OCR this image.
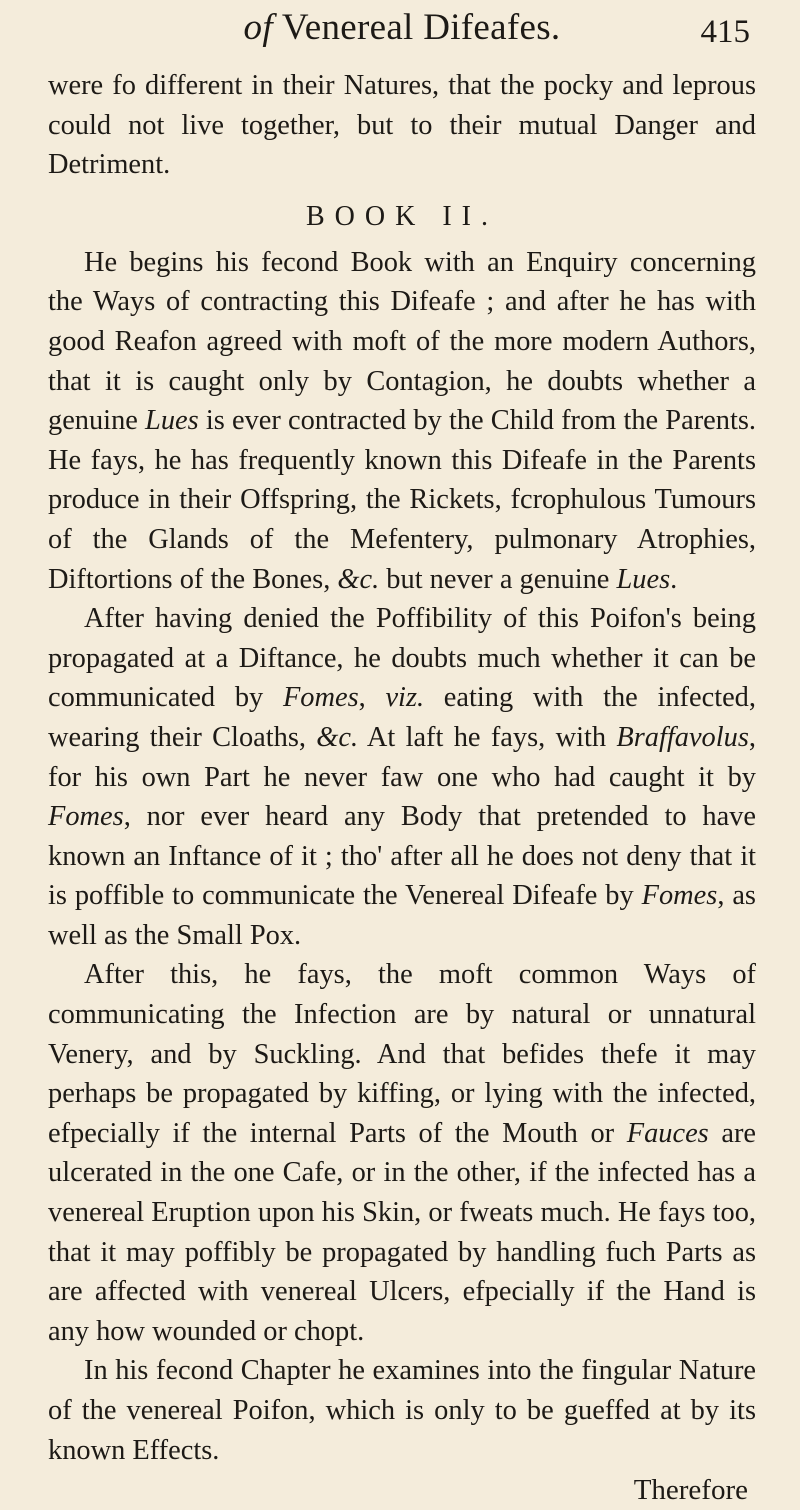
of Venereal Difeafes.	415

were fo different in their Natures, that the pocky and leprous could not live together, but to their mutual Danger and Detriment.

BOOK II.

He begins his fecond Book with an Enquiry concerning the Ways of contracting this Difeafe ; and after he has with good Reafon agreed with moft of the more modern Authors, that it is caught only by Contagion, he doubts whether a genuine Lues is ever contracted by the Child from the Parents. He fays, he has frequently known this Difeafe in the Parents produce in their Offspring, the Rickets, fcrophulous Tumours of the Glands of the Mefentery, pulmonary Atrophies, Diftortions of the Bones, &c. but never a genuine Lues.

After having denied the Poffibility of this Poifon's being propagated at a Diftance, he doubts much whether it can be communicated by Fomes, viz. eating with the infected, wearing their Cloaths, &c. At laft he fays, with Braffavolus, for his own Part he never faw one who had caught it by Fomes, nor ever heard any Body that pretended to have known an Inftance of it ; tho' after all he does not deny that it is poffible to communicate the Venereal Difeafe by Fomes, as well as the Small Pox.

After this, he fays, the moft common Ways of communicating the Infection are by natural or unnatural Venery, and by Suckling. And that befides thefe it may perhaps be propagated by kiffing, or lying with the infected, efpecially if the internal Parts of the Mouth or Fauces are ulcerated in the one Cafe, or in the other, if the infected has a venereal Eruption upon his Skin, or fweats much. He fays too, that it may poffibly be propagated by handling fuch Parts as are affected with venereal Ulcers, efpecially if the Hand is any how wounded or chopt.

In his fecond Chapter he examines into the fingular Nature of the venereal Poifon, which is only to be gueffed at by its known Effects.

Therefore
